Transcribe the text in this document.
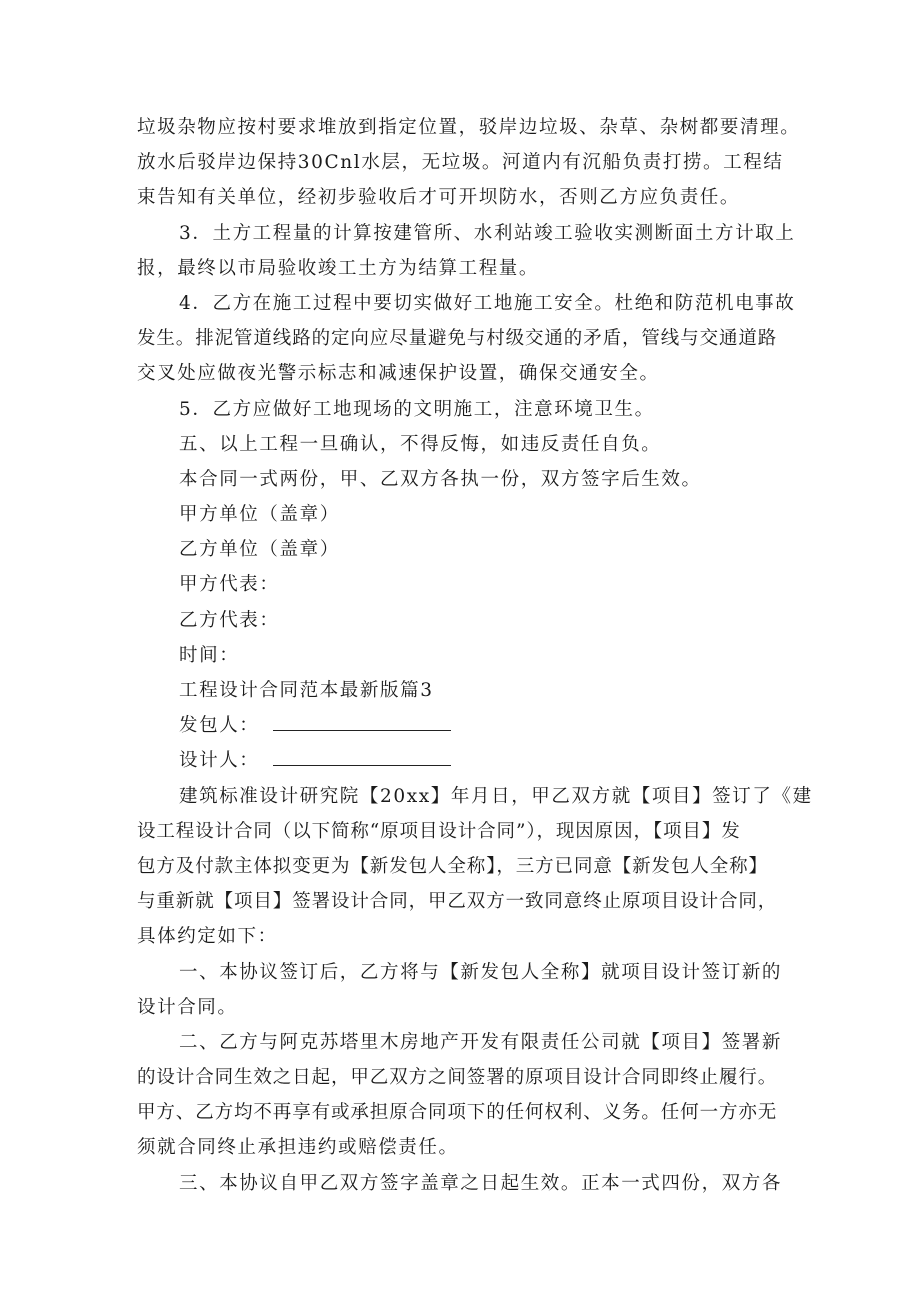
垃圾杂物应按村要求堆放到指定位置，驳岸边垃圾、杂草、杂树都要清理。
放水后驳岸边保持30Cnl水层，无垃圾。河道内有沉船负责打捞。工程结
束告知有关单位，经初步验收后才可开坝防水，否则乙方应负责任。
3．土方工程量的计算按建管所、水利站竣工验收实测断面土方计取上
报，最终以市局验收竣工土方为结算工程量。
4．乙方在施工过程中要切实做好工地施工安全。杜绝和防范机电事故
发生。排泥管道线路的定向应尽量避免与村级交通的矛盾，管线与交通道路
交叉处应做夜光警示标志和减速保护设置，确保交通安全。
5．乙方应做好工地现场的文明施工，注意环境卫生。
五、以上工程一旦确认，不得反悔，如违反责任自负。
本合同一式两份，甲、乙双方各执一份，双方签字后生效。
甲方单位（盖章）
乙方单位（盖章）
甲方代表：
乙方代表：
时间：
工程设计合同范本最新版篇3
发包人：
设计人：
建筑标准设计研究院【20xx】年月日，甲乙双方就【项目】签订了《建
设工程设计合同（以下简称“原项目设计合同”），现因原因，【项目】发
包方及付款主体拟变更为【新发包人全称】，三方已同意【新发包人全称】
与重新就【项目】签署设计合同，甲乙双方一致同意终止原项目设计合同，
具体约定如下：
一、本协议签订后，乙方将与【新发包人全称】就项目设计签订新的
设计合同。
二、乙方与阿克苏塔里木房地产开发有限责任公司就【项目】签署新
的设计合同生效之日起，甲乙双方之间签署的原项目设计合同即终止履行。
甲方、乙方均不再享有或承担原合同项下的任何权利、义务。任何一方亦无
须就合同终止承担违约或赔偿责任。
三、本协议自甲乙双方签字盖章之日起生效。正本一式四份，双方各
